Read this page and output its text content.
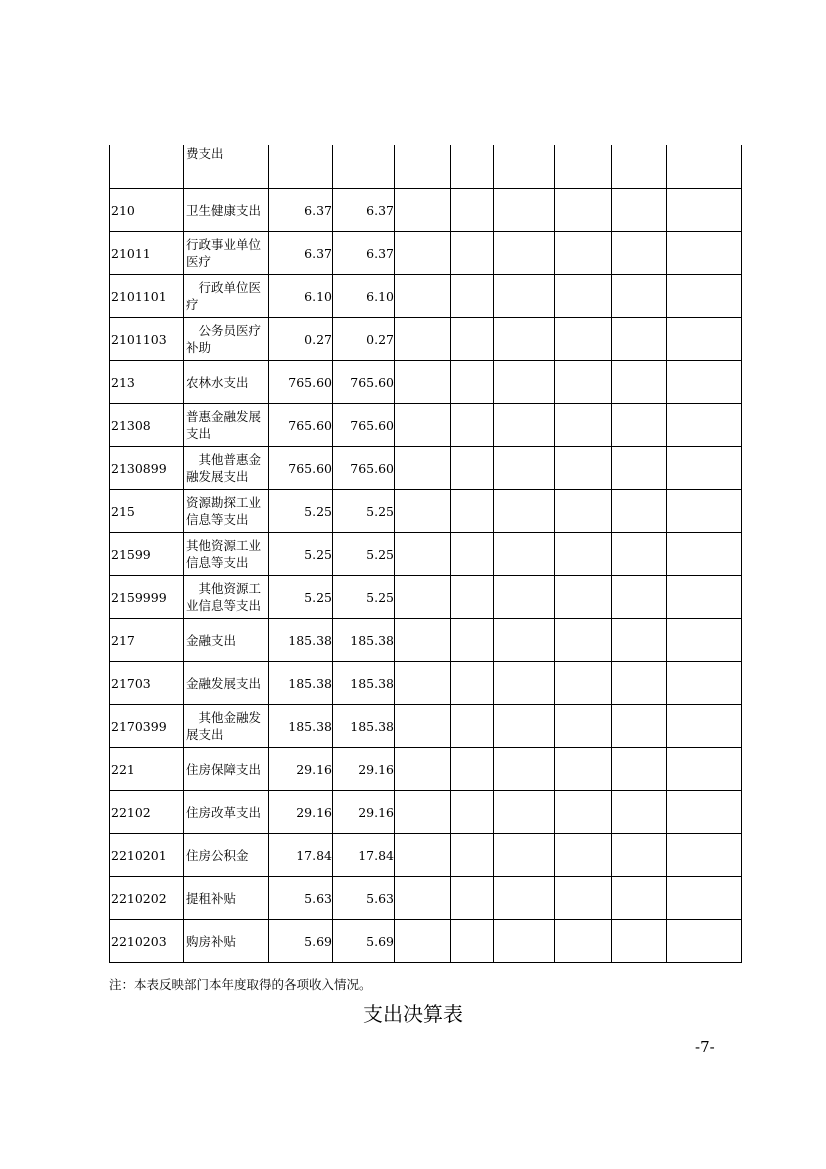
	费支出								
210	卫生健康支出	6.37	6.37						
21011	行政事业单位医疗	6.37	6.37						
2101101	　行政单位医疗	6.10	6.10						
2101103	　公务员医疗补助	0.27	0.27						
213	农林水支出	765.60	765.60						
21308	普惠金融发展支出	765.60	765.60						
2130899	　其他普惠金融发展支出	765.60	765.60						
215	资源勘探工业信息等支出	5.25	5.25						
21599	其他资源工业信息等支出	5.25	5.25						
2159999	　其他资源工业信息等支出	5.25	5.25						
217	金融支出	185.38	185.38						
21703	金融发展支出	185.38	185.38						
2170399	　其他金融发展支出	185.38	185.38						
221	住房保障支出	29.16	29.16						
22102	住房改革支出	29.16	29.16						
2210201	住房公积金	17.84	17.84						
2210202	提租补贴	5.63	5.63						
2210203	购房补贴	5.69	5.69						
注：本表反映部门本年度取得的各项收入情况。
支出决算表
-7-
